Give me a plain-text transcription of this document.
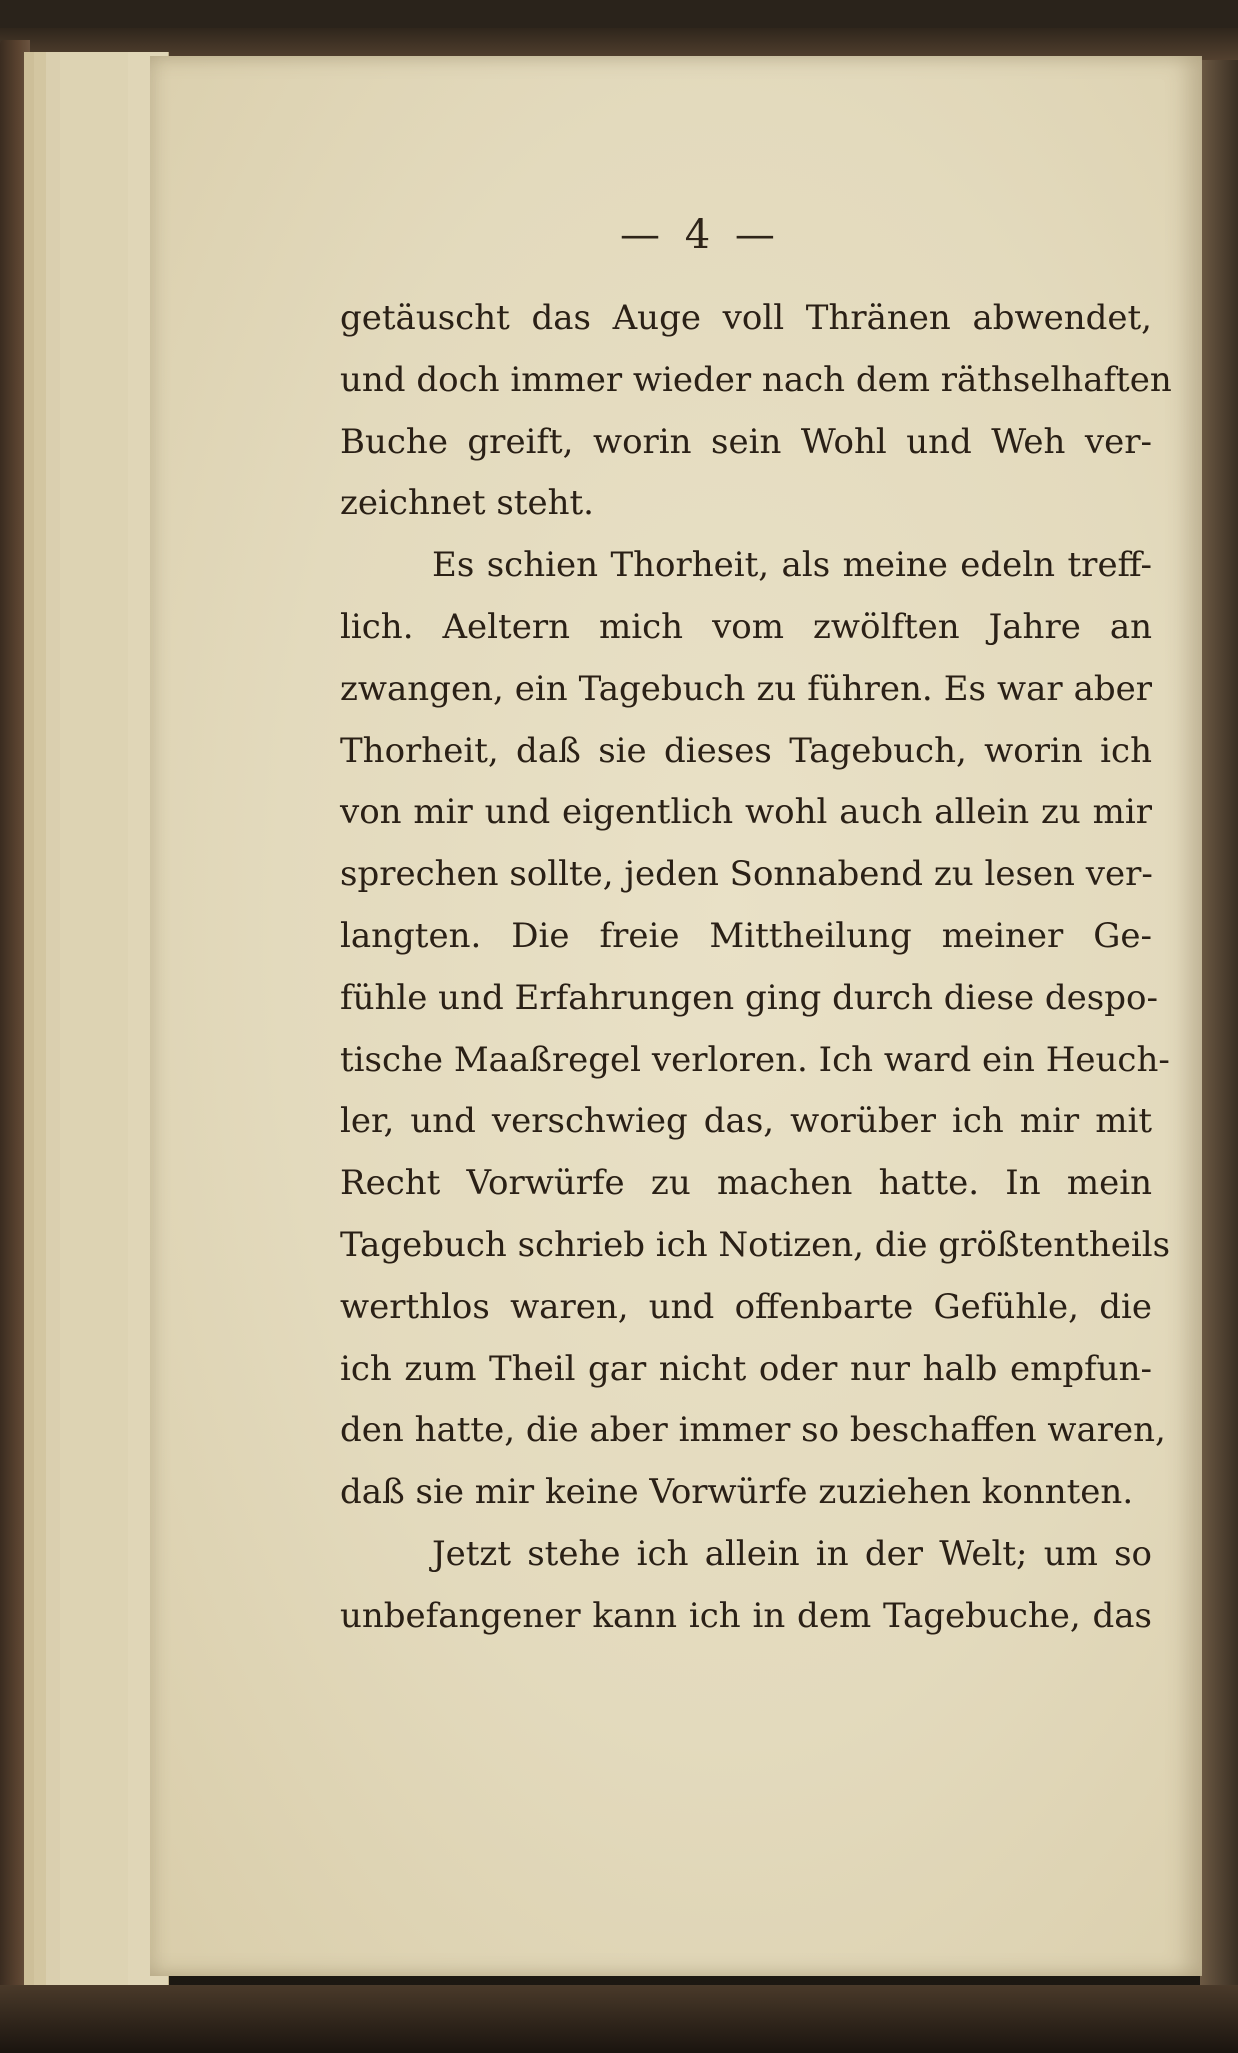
— 4 —

getäuscht das Auge voll Thränen abwendet,
und doch immer wieder nach dem räthselhaften
Buche greift, worin sein Wohl und Weh ver-
zeichnet steht.

Es schien Thorheit, als meine edeln treff-
lich. Aeltern mich vom zwölften Jahre an
zwangen, ein Tagebuch zu führen. Es war aber
Thorheit, daß sie dieses Tagebuch, worin ich
von mir und eigentlich wohl auch allein zu mir
sprechen sollte, jeden Sonnabend zu lesen ver-
langten. Die freie Mittheilung meiner Ge-
fühle und Erfahrungen ging durch diese despo-
tische Maaßregel verloren. Ich ward ein Heuch-
ler, und verschwieg das, worüber ich mir mit
Recht Vorwürfe zu machen hatte. In mein
Tagebuch schrieb ich Notizen, die größtentheils
werthlos waren, und offenbarte Gefühle, die
ich zum Theil gar nicht oder nur halb empfun-
den hatte, die aber immer so beschaffen waren,
daß sie mir keine Vorwürfe zuziehen konnten.

Jetzt stehe ich allein in der Welt; um so
unbefangener kann ich in dem Tagebuche, das
